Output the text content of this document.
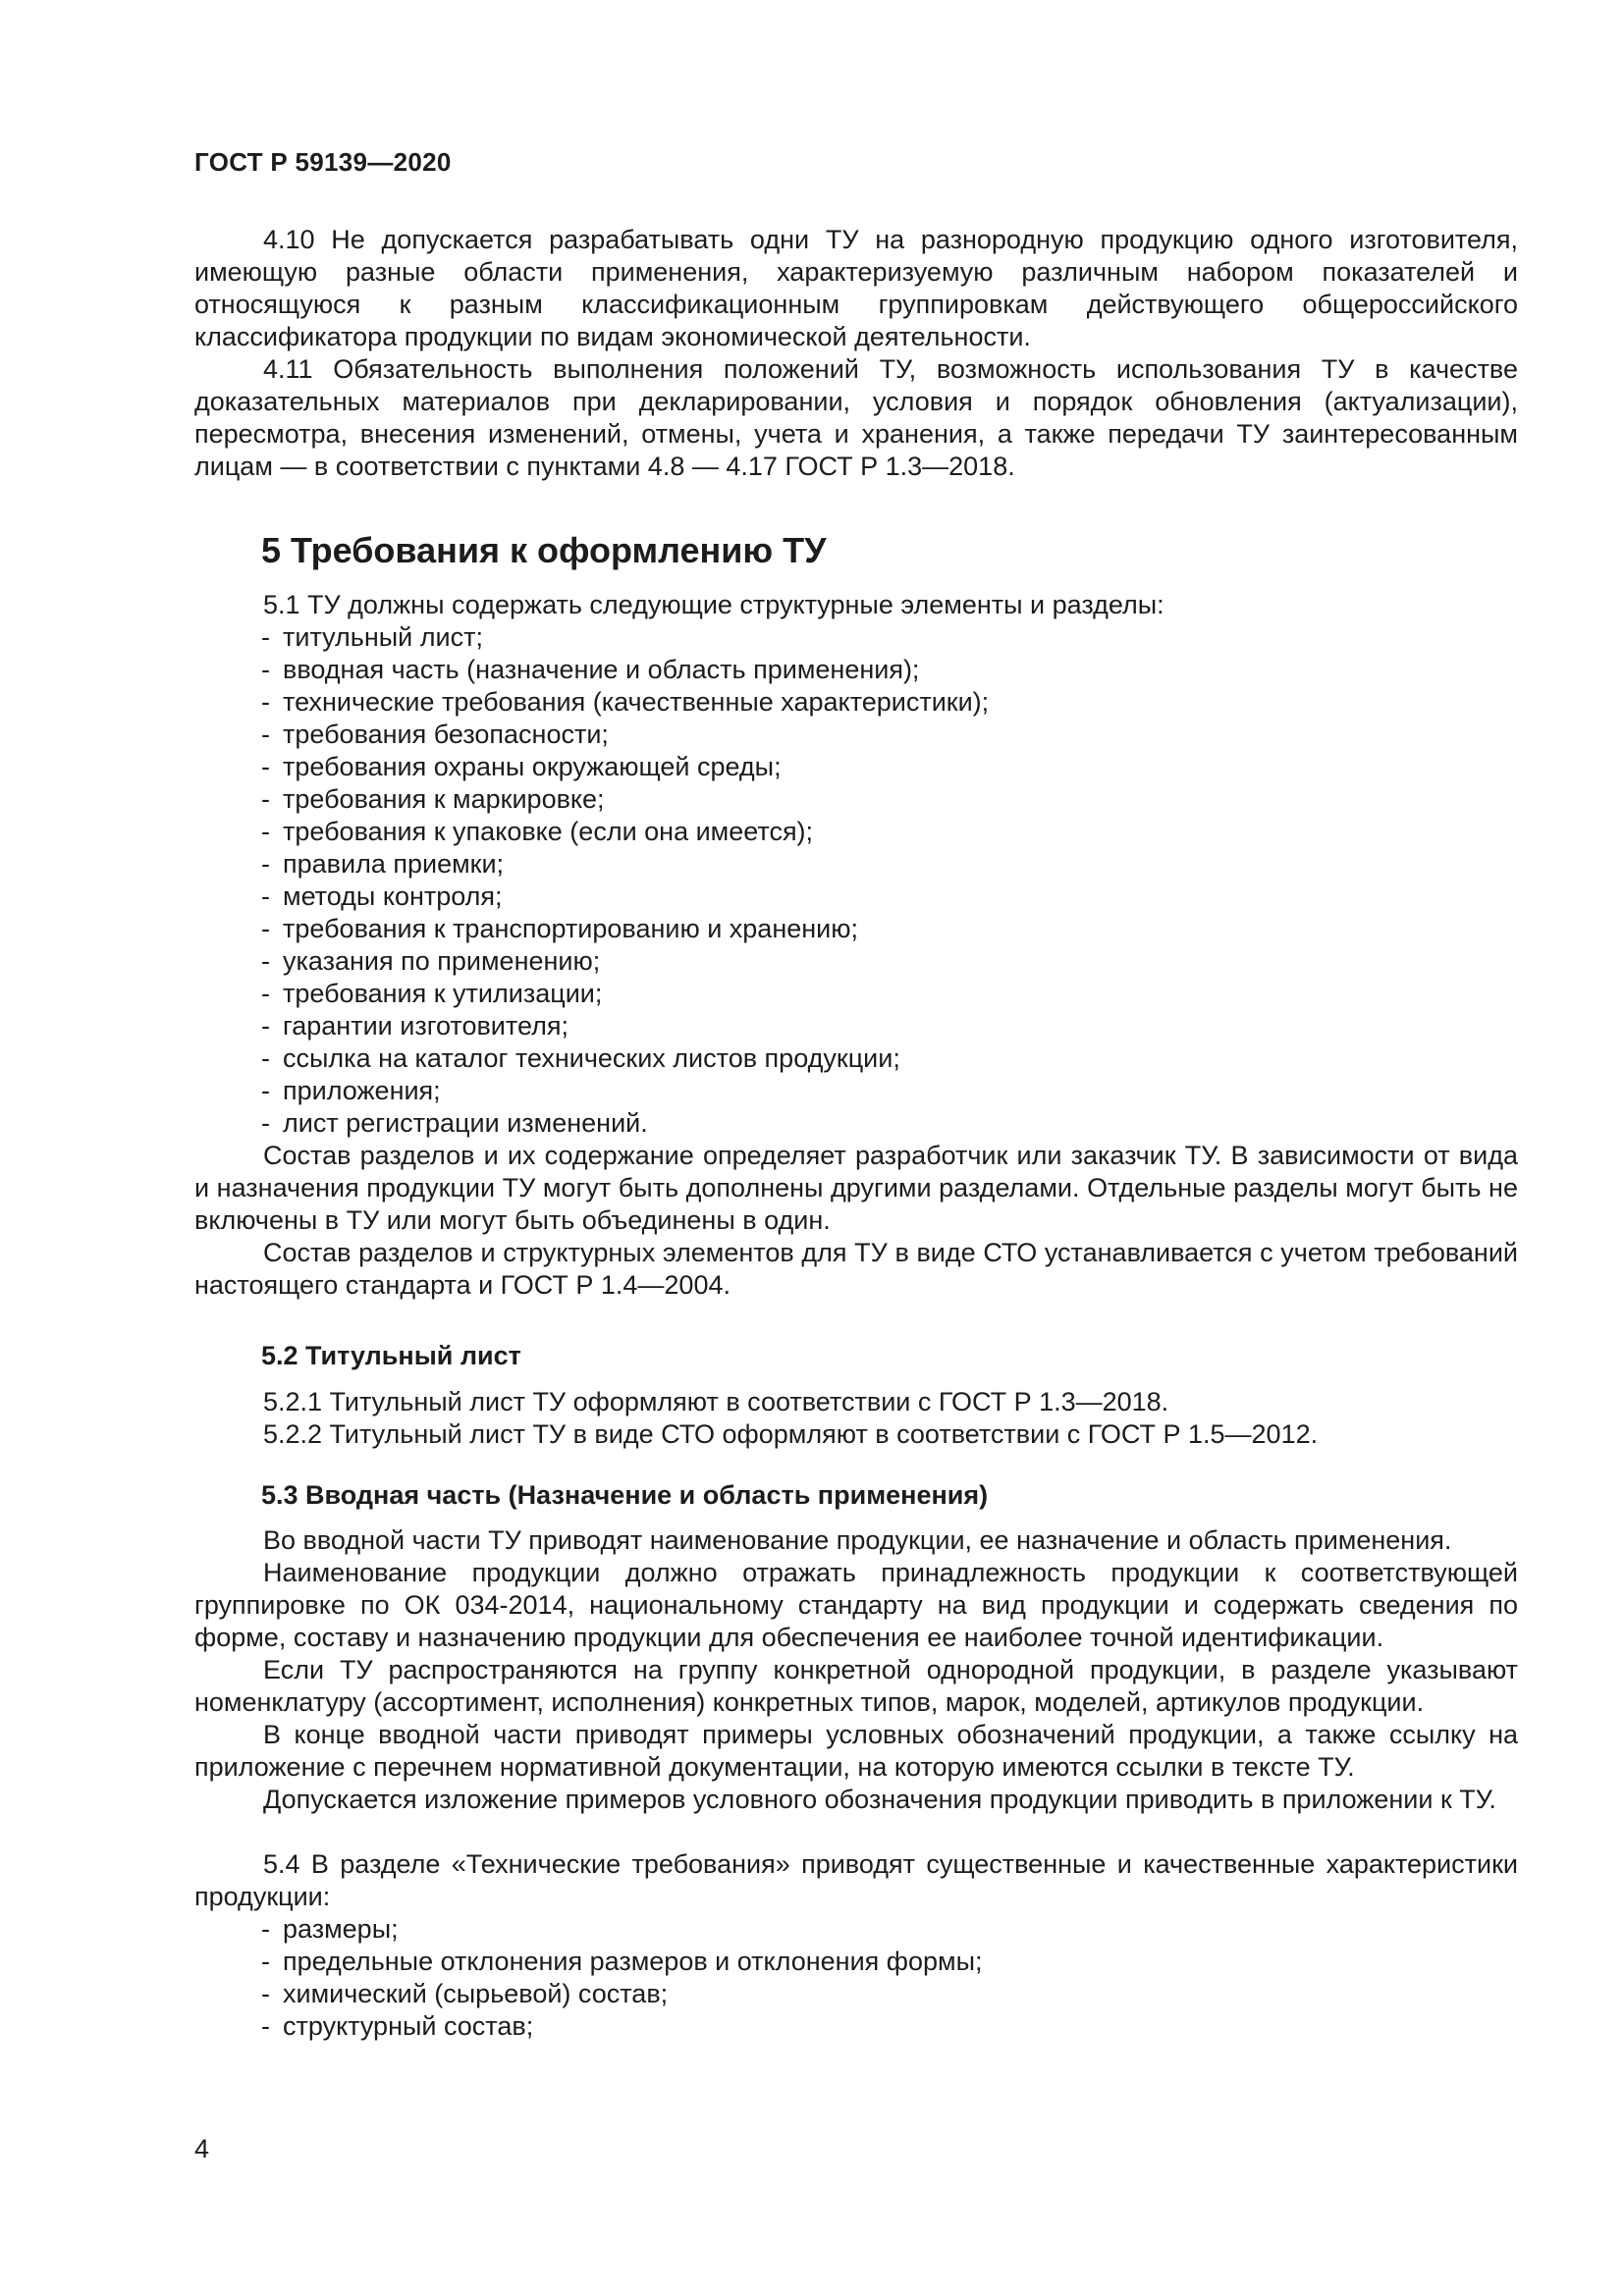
ГОСТ Р 59139—2020

4.10 Не допускается разрабатывать одни ТУ на разнородную продукцию одного изготовителя, имеющую разные области применения, характеризуемую различным набором показателей и относящуюся к разным классификационным группировкам действующего общероссийского классификатора продукции по видам экономической деятельности.

4.11 Обязательность выполнения положений ТУ, возможность использования ТУ в качестве доказательных материалов при декларировании, условия и порядок обновления (актуализации), пересмотра, внесения изменений, отмены, учета и хранения, а также передачи ТУ заинтересованным лицам — в соответствии с пунктами 4.8 — 4.17 ГОСТ Р 1.3—2018.

5 Требования к оформлению ТУ

5.1 ТУ должны содержать следующие структурные элементы и разделы:

- титульный лист;
- вводная часть (назначение и область применения);
- технические требования (качественные характеристики);
- требования безопасности;
- требования охраны окружающей среды;
- требования к маркировке;
- требования к упаковке (если она имеется);
- правила приемки;
- методы контроля;
- требования к транспортированию и хранению;
- указания по применению;
- требования к утилизации;
- гарантии изготовителя;
- ссылка на каталог технических листов продукции;
- приложения;
- лист регистрации изменений.

Состав разделов и их содержание определяет разработчик или заказчик ТУ. В зависимости от вида и назначения продукции ТУ могут быть дополнены другими разделами. Отдельные разделы могут быть не включены в ТУ или могут быть объединены в один.

Состав разделов и структурных элементов для ТУ в виде СТО устанавливается с учетом требований настоящего стандарта и ГОСТ Р 1.4—2004.

5.2 Титульный лист

5.2.1 Титульный лист ТУ оформляют в соответствии с ГОСТ Р 1.3—2018.

5.2.2 Титульный лист ТУ в виде СТО оформляют в соответствии с ГОСТ Р 1.5—2012.

5.3 Вводная часть (Назначение и область применения)

Во вводной части ТУ приводят наименование продукции, ее назначение и область применения.

Наименование продукции должно отражать принадлежность продукции к соответствующей группировке по ОК 034-2014, национальному стандарту на вид продукции и содержать сведения по форме, составу и назначению продукции для обеспечения ее наиболее точной идентификации.

Если ТУ распространяются на группу конкретной однородной продукции, в разделе указывают номенклатуру (ассортимент, исполнения) конкретных типов, марок, моделей, артикулов продукции.

В конце вводной части приводят примеры условных обозначений продукции, а также ссылку на приложение с перечнем нормативной документации, на которую имеются ссылки в тексте ТУ.

Допускается изложение примеров условного обозначения продукции приводить в приложении к ТУ.

5.4 В разделе «Технические требования» приводят существенные и качественные характеристики продукции:

- размеры;
- предельные отклонения размеров и отклонения формы;
- химический (сырьевой) состав;
- структурный состав;
4
